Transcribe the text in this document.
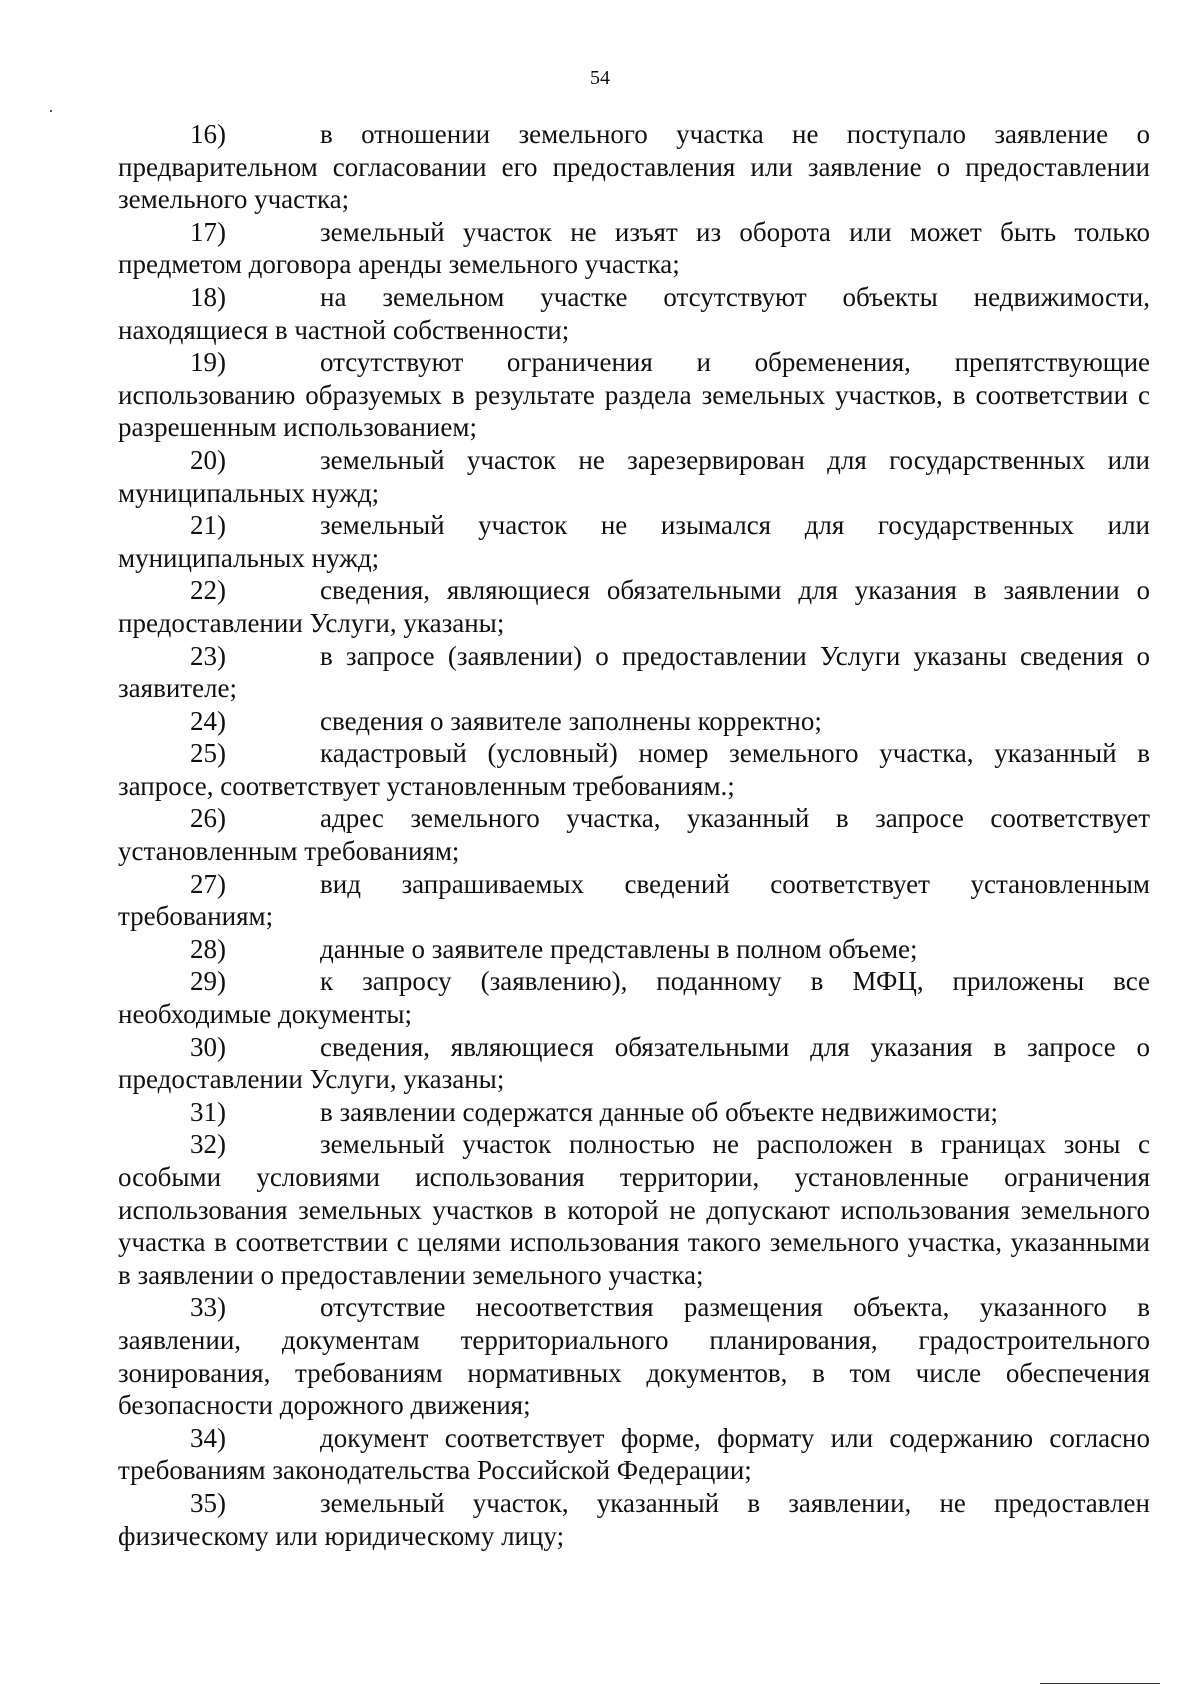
54

16)	в отношении земельного участка не поступало заявление о предварительном согласовании его предоставления или заявление о предоставлении земельного участка;

17)	земельный участок не изъят из оборота или может быть только предметом договора аренды земельного участка;

18)	на земельном участке отсутствуют объекты недвижимости, находящиеся в частной собственности;

19)	отсутствуют ограничения и обременения, препятствующие использованию образуемых в результате раздела земельных участков, в соответствии с разрешенным использованием;

20)	земельный участок не зарезервирован для государственных или муниципальных нужд;

21)	земельный участок не изымался для государственных или муниципальных нужд;

22)	сведения, являющиеся обязательными для указания в заявлении о предоставлении Услуги, указаны;

23)	в запросе (заявлении) о предоставлении Услуги указаны сведения о заявителе;

24)	сведения о заявителе заполнены корректно;

25)	кадастровый (условный) номер земельного участка, указанный в запросе, соответствует установленным требованиям.;

26)	адрес земельного участка, указанный в запросе соответствует установленным требованиям;

27)	вид запрашиваемых сведений соответствует установленным требованиям;

28)	данные о заявителе представлены в полном объеме;

29)	к запросу (заявлению), поданному в МФЦ, приложены все необходимые документы;

30)	сведения, являющиеся обязательными для указания в запросе о предоставлении Услуги, указаны;

31)	в заявлении содержатся данные об объекте недвижимости;

32)	земельный участок полностью не расположен в границах зоны с особыми условиями использования территории, установленные ограничения использования земельных участков в которой не допускают использования земельного участка в соответствии с целями использования такого земельного участка, указанными в заявлении о предоставлении земельного участка;

33)	отсутствие несоответствия размещения объекта, указанного в заявлении, документам территориального планирования, градостроительного зонирования, требованиям нормативных документов, в том числе обеспечения безопасности дорожного движения;

34)	документ соответствует форме, формату или содержанию согласно требованиям законодательства Российской Федерации;

35)	земельный участок, указанный в заявлении, не предоставлен физическому или юридическому лицу;
